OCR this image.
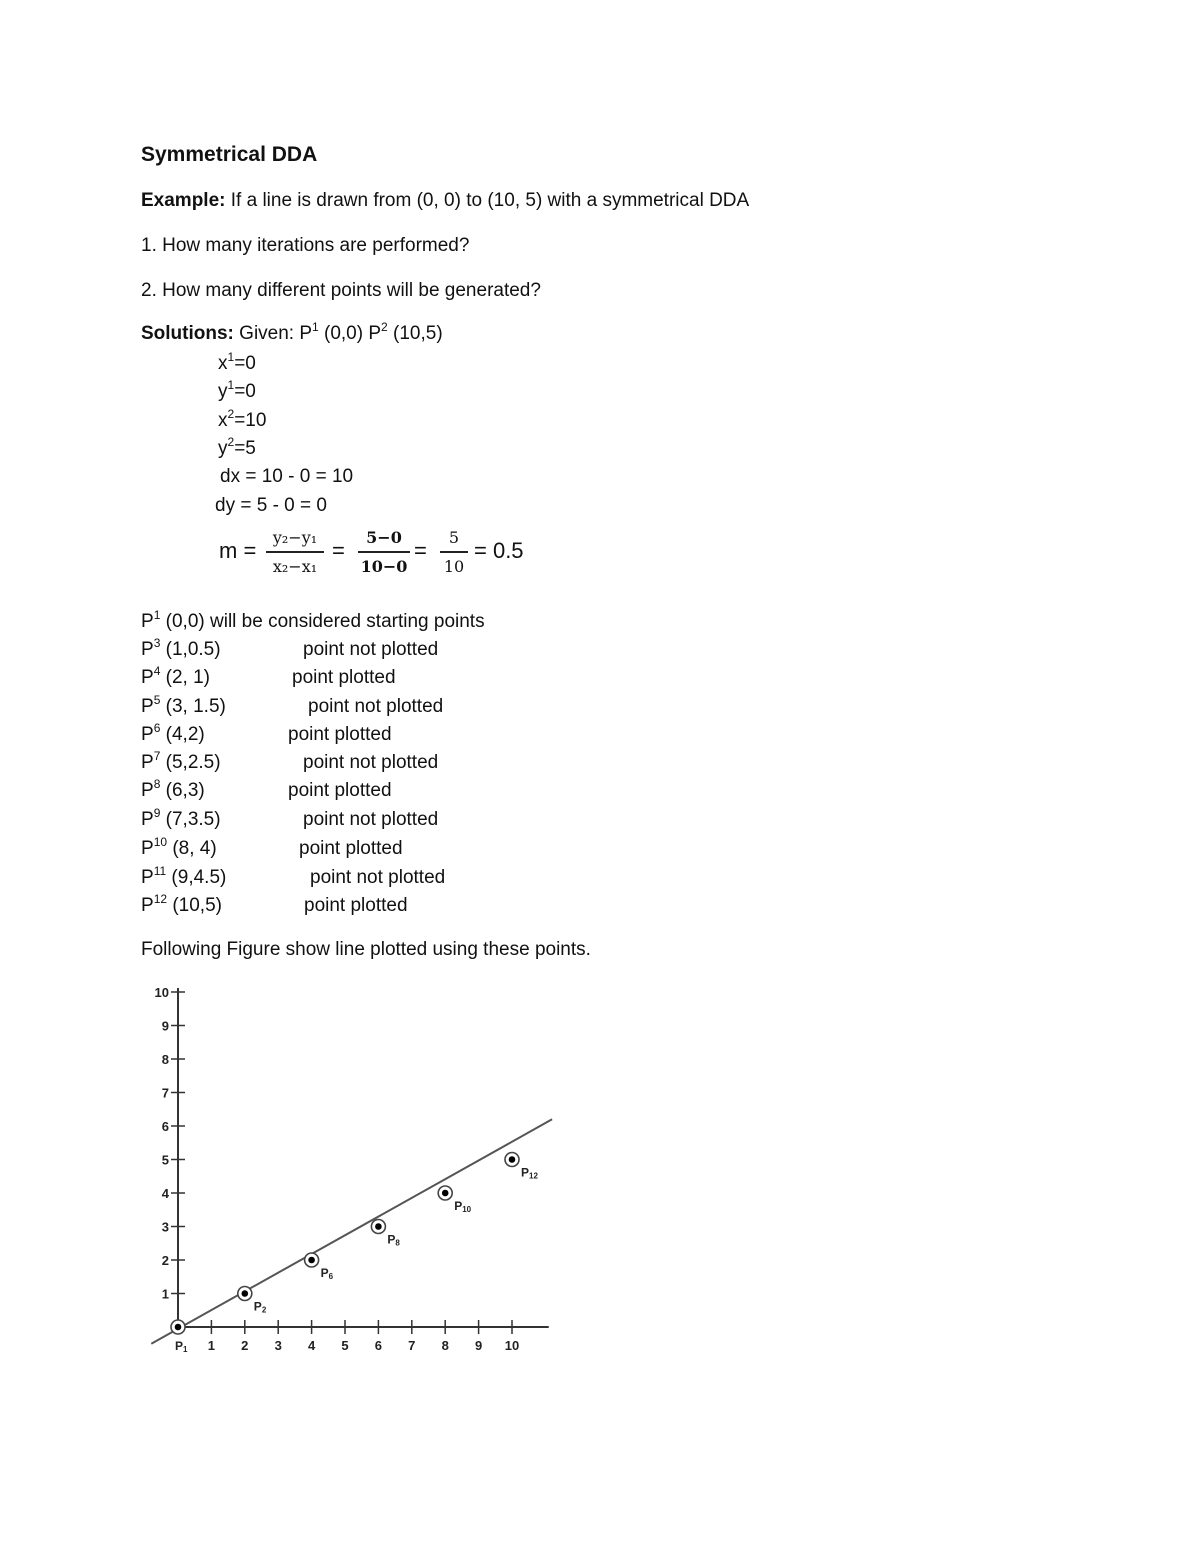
Symmetrical DDA
Example: If a line is drawn from (0, 0) to (10, 5) with a symmetrical DDA
1. How many iterations are performed?
2. How many different points will be generated?
Solutions: Given: $P^1$ (0,0) $P^2$ (10,5)
$x^1=0$
$y^1=0$
$x^2=10$
$y^2=5$
dx = 10 - 0 = 10
dy = 5 - 0 = 0
m =
y₂−y₁
x₂−x₁
=
5−0
10−0
=
5
10
= 0.5
$P^1$ (0,0) will be considered starting points
$P^3$ (1,0.5)	point not plotted
$P^4$ (2, 1)	point plotted
$P^5$ (3, 1.5)	point not plotted
$P^6$ (4,2)	point plotted
$P^7$ (5,2.5)	point not plotted
$P^8$ (6,3)	point plotted
$P^9$ (7,3.5)	point not plotted
$P^{10}$ (8, 4)	point plotted
$P^{11}$ (9,4.5)	point not plotted
$P^{12}$ (10,5)	point plotted
Following Figure show line plotted using these points.
1
2
3
4
5
6
7
8
9
10
1 2 3 4 5 6 7 8 9 10
P1
P2
P6
P8
P10
P12
